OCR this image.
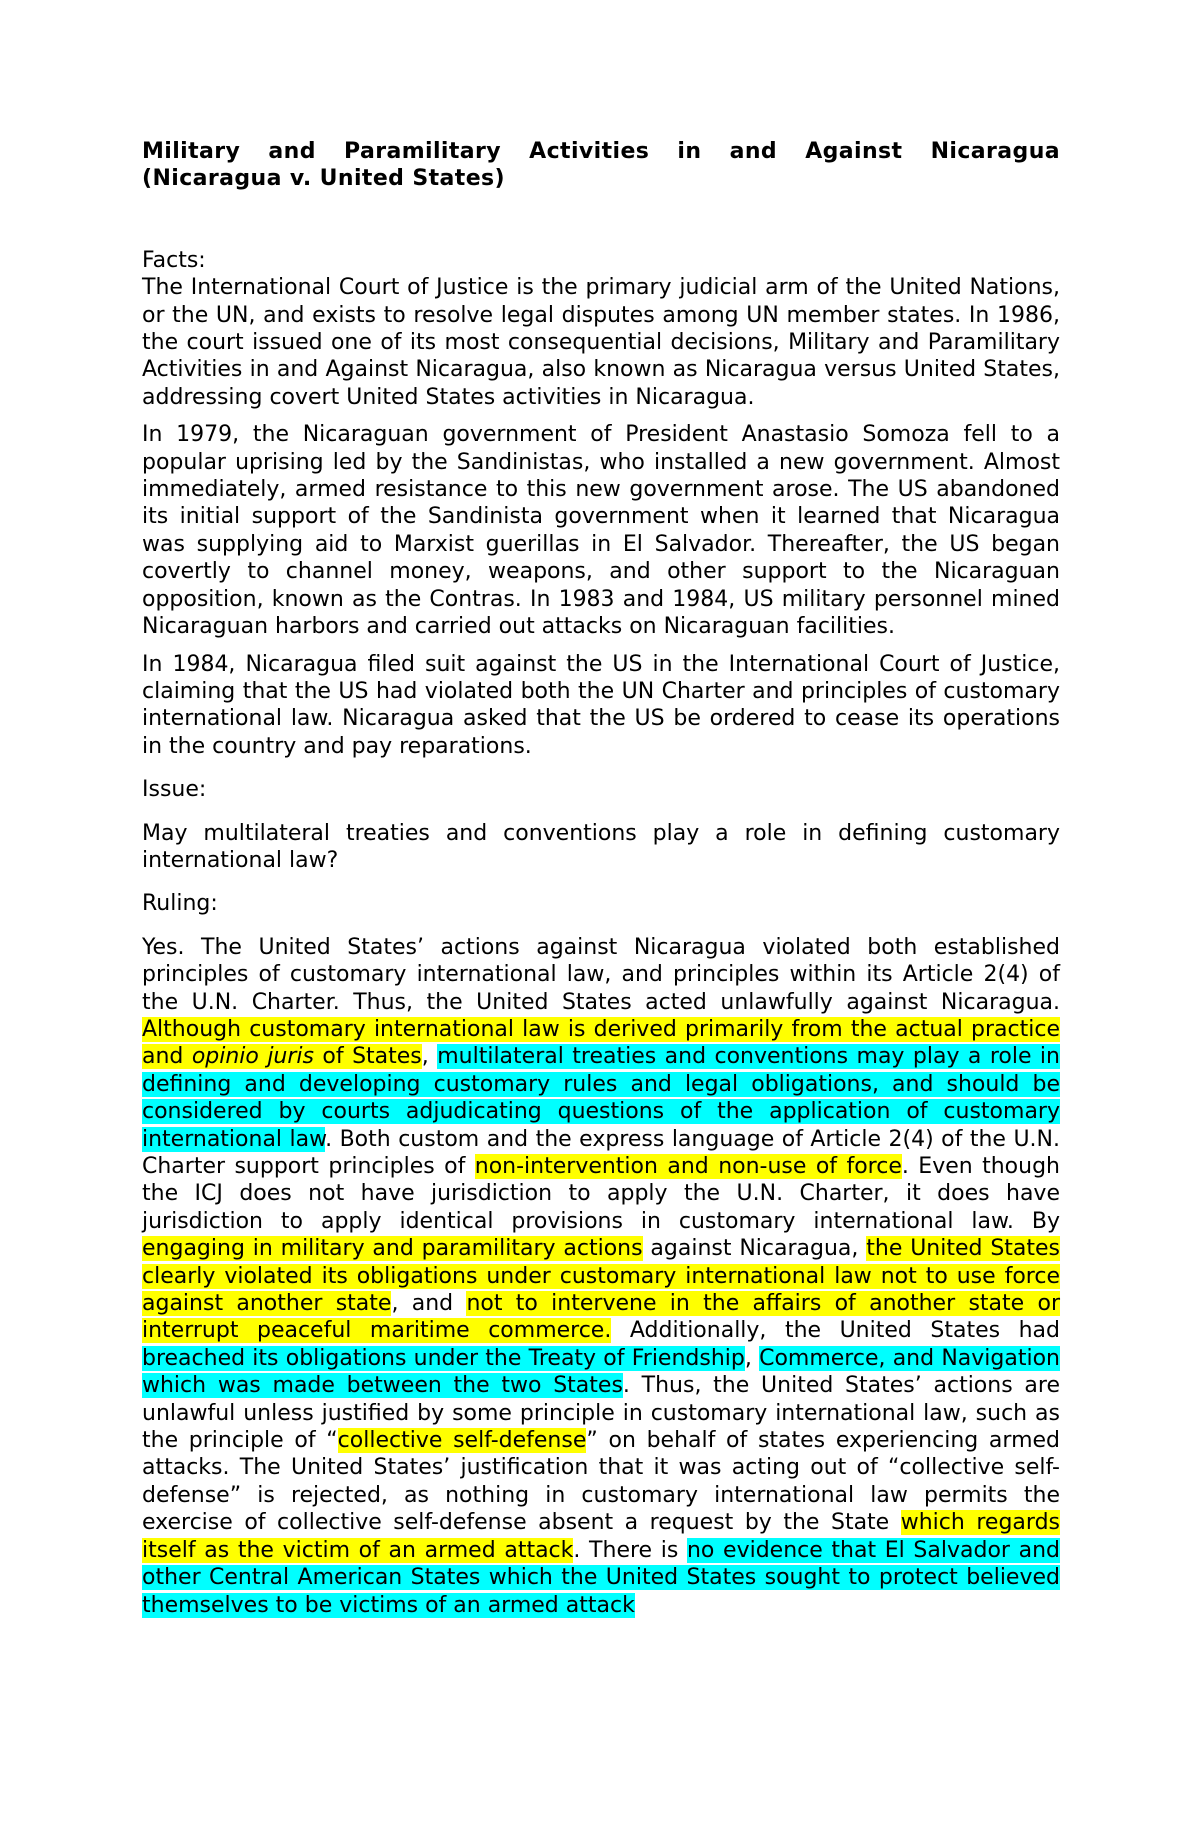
Military and Paramilitary Activities in and Against Nicaragua (Nicaragua v. United States)

Facts:

The International Court of Justice is the primary judicial arm of the United Nations, or the UN, and exists to resolve legal disputes among UN member states. In 1986, the court issued one of its most consequential decisions, Military and Paramilitary Activities in and Against Nicaragua, also known as Nicaragua versus United States, addressing covert United States activities in Nicaragua.

In 1979, the Nicaraguan government of President Anastasio Somoza fell to a popular uprising led by the Sandinistas, who installed a new government. Almost immediately, armed resistance to this new government arose. The US abandoned its initial support of the Sandinista government when it learned that Nicaragua was supplying aid to Marxist guerillas in El Salvador. Thereafter, the US began covertly to channel money, weapons, and other support to the Nicaraguan opposition, known as the Contras. In 1983 and 1984, US military personnel mined Nicaraguan harbors and carried out attacks on Nicaraguan facilities.

In 1984, Nicaragua filed suit against the US in the International Court of Justice, claiming that the US had violated both the UN Charter and principles of customary international law. Nicaragua asked that the US be ordered to cease its operations in the country and pay reparations.

Issue:

May multilateral treaties and conventions play a role in defining customary international law?

Ruling:

Yes. The United States’ actions against Nicaragua violated both established principles of customary international law, and principles within its Article 2(4) of the U.N. Charter. Thus, the United States acted unlawfully against Nicaragua. Although customary international law is derived primarily from the actual practice and opinio juris of States, multilateral treaties and conventions may play a role in defining and developing customary rules and legal obligations, and should be considered by courts adjudicating questions of the application of customary international law. Both custom and the express language of Article 2(4) of the U.N. Charter support principles of non-intervention and non-use of force. Even though the ICJ does not have jurisdiction to apply the U.N. Charter, it does have jurisdiction to apply identical provisions in customary international law. By engaging in military and paramilitary actions against Nicaragua, the United States clearly violated its obligations under customary international law not to use force against another state, and not to intervene in the affairs of another state or interrupt peaceful maritime commerce. Additionally, the United States had breached its obligations under the Treaty of Friendship, Commerce, and Navigation which was made between the two States. Thus, the United States’ actions are unlawful unless justified by some principle in customary international law, such as the principle of “collective self-defense” on behalf of states experiencing armed attacks. The United States’ justification that it was acting out of “collective self-defense” is rejected, as nothing in customary international law permits the exercise of collective self-defense absent a request by the State which regards itself as the victim of an armed attack. There is no evidence that El Salvador and other Central American States which the United States sought to protect believed themselves to be victims of an armed attack
